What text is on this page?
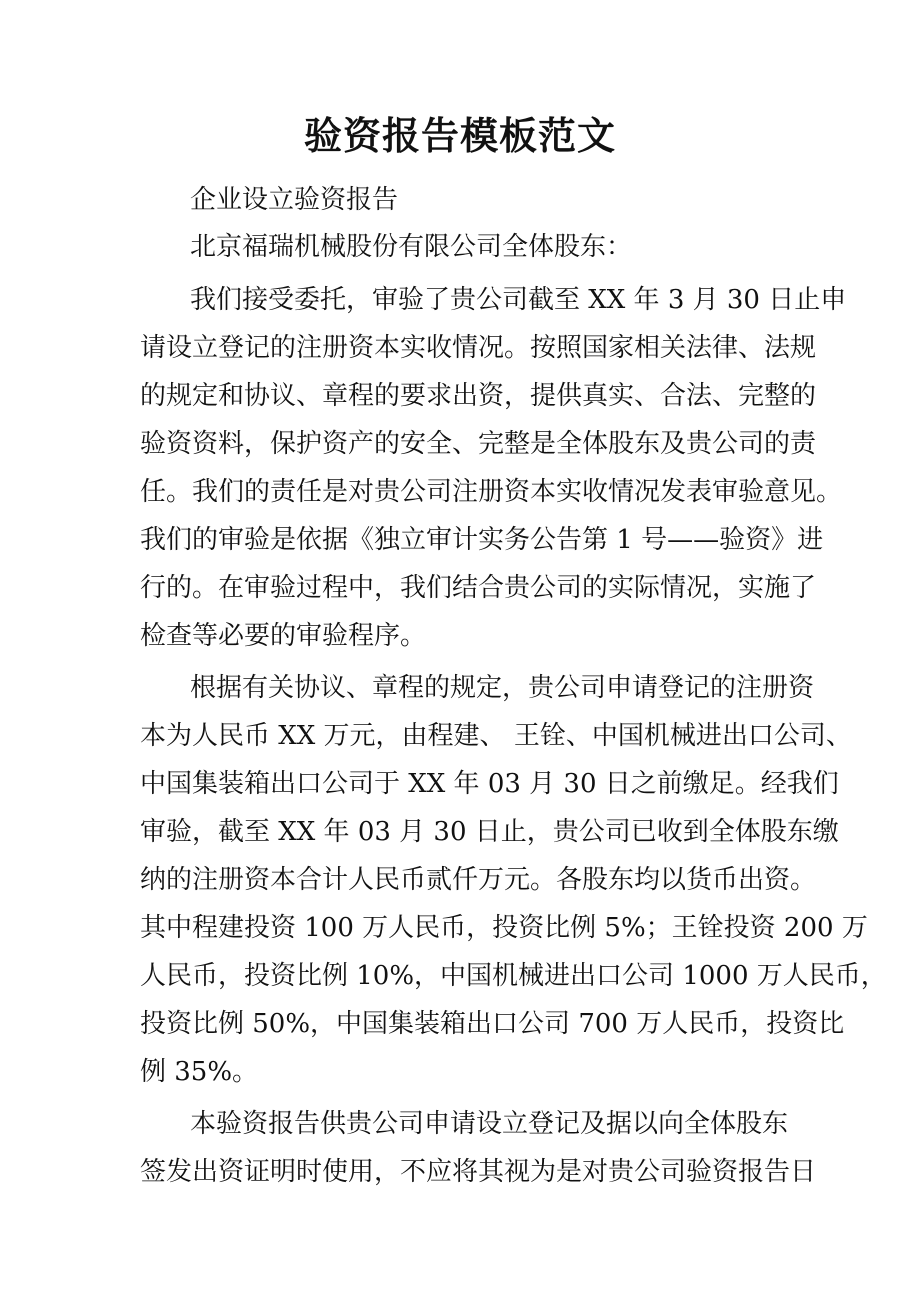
验资报告模板范文

企业设立验资报告

北京福瑞机械股份有限公司全体股东：

我们接受委托，审验了贵公司截至 XX 年 3 月 30 日止申

请设立登记的注册资本实收情况。按照国家相关法律、法规

的规定和协议、章程的要求出资，提供真实、合法、完整的

验资资料，保护资产的安全、完整是全体股东及贵公司的责

任。我们的责任是对贵公司注册资本实收情况发表审验意见。

我们的审验是依据《独立审计实务公告第 1 号——验资》进

行的。在审验过程中，我们结合贵公司的实际情况，实施了

检查等必要的审验程序。

根据有关协议、章程的规定，贵公司申请登记的注册资

本为人民币 XX 万元，由程建、 王铨、中国机械进出口公司、

中国集装箱出口公司于 XX 年 03 月 30 日之前缴足。经我们

审验，截至 XX 年 03 月 30 日止，贵公司已收到全体股东缴

纳的注册资本合计人民币贰仟万元。各股东均以货币出资。

其中程建投资 100 万人民币，投资比例 5%；王铨投资 200 万

人民币，投资比例 10%，中国机械进出口公司 1000 万人民币，

投资比例 50%，中国集装箱出口公司 700 万人民币，投资比

例 35%。

本验资报告供贵公司申请设立登记及据以向全体股东

签发出资证明时使用，不应将其视为是对贵公司验资报告日
